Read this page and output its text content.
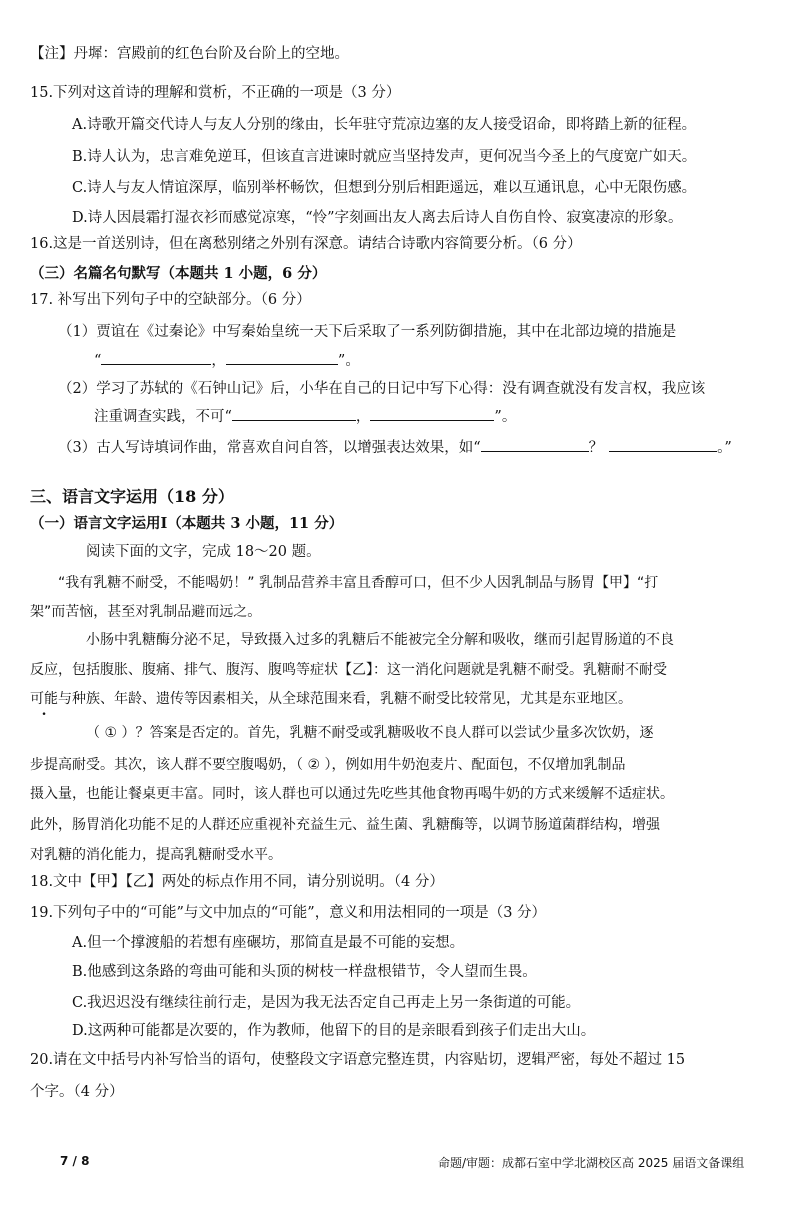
【注】丹墀：宫殿前的红色台阶及台阶上的空地。
15.下列对这首诗的理解和赏析，不正确的一项是（3 分）
A.诗歌开篇交代诗人与友人分别的缘由，长年驻守荒凉边塞的友人接受诏命，即将踏上新的征程。
B.诗人认为，忠言难免逆耳，但该直言进谏时就应当坚持发声，更何况当今圣上的气度宽广如天。
C.诗人与友人情谊深厚，临别举杯畅饮，但想到分别后相距遥远，难以互通讯息，心中无限伤感。
D.诗人因晨霜打湿衣衫而感觉凉寒，“怜”字刻画出友人离去后诗人自伤自怜、寂寞凄凉的形象。
16.这是一首送别诗，但在离愁别绪之外别有深意。请结合诗歌内容简要分析。（6 分）
（三）名篇名句默写（本题共 1 小题，6 分）
17. 补写出下列句子中的空缺部分。（6 分）
（1）贾谊在《过秦论》中写秦始皇统一天下后采取了一系列防御措施，其中在北部边境的措施是
“	，	”。
（2）学习了苏轼的《石钟山记》后，小华在自己的日记中写下心得：没有调查就没有发言权，我应该
注重调查实践，不可“	，	”。
（3）古人写诗填词作曲，常喜欢自问自答，以增强表达效果，如“	？	。”
三、语言文字运用（18 分）
（一）语言文字运用Ⅰ（本题共 3 小题，11 分）
阅读下面的文字，完成 18～20 题。
“我有乳糖不耐受，不能喝奶！” 乳制品营养丰富且香醇可口，但不少人因乳制品与肠胃【甲】“打
架”而苦恼，甚至对乳制品避而远之。
小肠中乳糖酶分泌不足，导致摄入过多的乳糖后不能被完全分解和吸收，继而引起胃肠道的不良
反应，包括腹胀、腹痛、排气、腹泻、腹鸣等症状【乙】：这一消化问题就是乳糖不耐受。乳糖耐不耐受
可能与种族、年龄、遗传等因素相关，从全球范围来看，乳糖不耐受比较常见，尤其是东亚地区。
（ ① ）？答案是否定的。首先，乳糖不耐受或乳糖吸收不良人群可以尝试少量多次饮奶，逐
步提高耐受。其次，该人群不要空腹喝奶，（ ② ），例如用牛奶泡麦片、配面包，不仅增加乳制品
摄入量，也能让餐桌更丰富。同时，该人群也可以通过先吃些其他食物再喝牛奶的方式来缓解不适症状。
此外，肠胃消化功能不足的人群还应重视补充益生元、益生菌、乳糖酶等，以调节肠道菌群结构，增强
对乳糖的消化能力，提高乳糖耐受水平。
18.文中【甲】【乙】两处的标点作用不同，请分别说明。（4 分）
19.下列句子中的“可能”与文中加点的“可能”，意义和用法相同的一项是（3 分）
A.但一个撑渡船的若想有座碾坊，那简直是最不可能的妄想。
B.他感到这条路的弯曲可能和头顶的树枝一样盘根错节，令人望而生畏。
C.我迟迟没有继续往前行走，是因为我无法否定自己再走上另一条街道的可能。
D.这两种可能都是次要的，作为教师，他留下的目的是亲眼看到孩子们走出大山。
20.请在文中括号内补写恰当的语句，使整段文字语意完整连贯，内容贴切，逻辑严密，每处不超过 15
个字。（4 分）
7 / 8	命题/审题：成都石室中学北湖校区高 2025 届语文备课组
